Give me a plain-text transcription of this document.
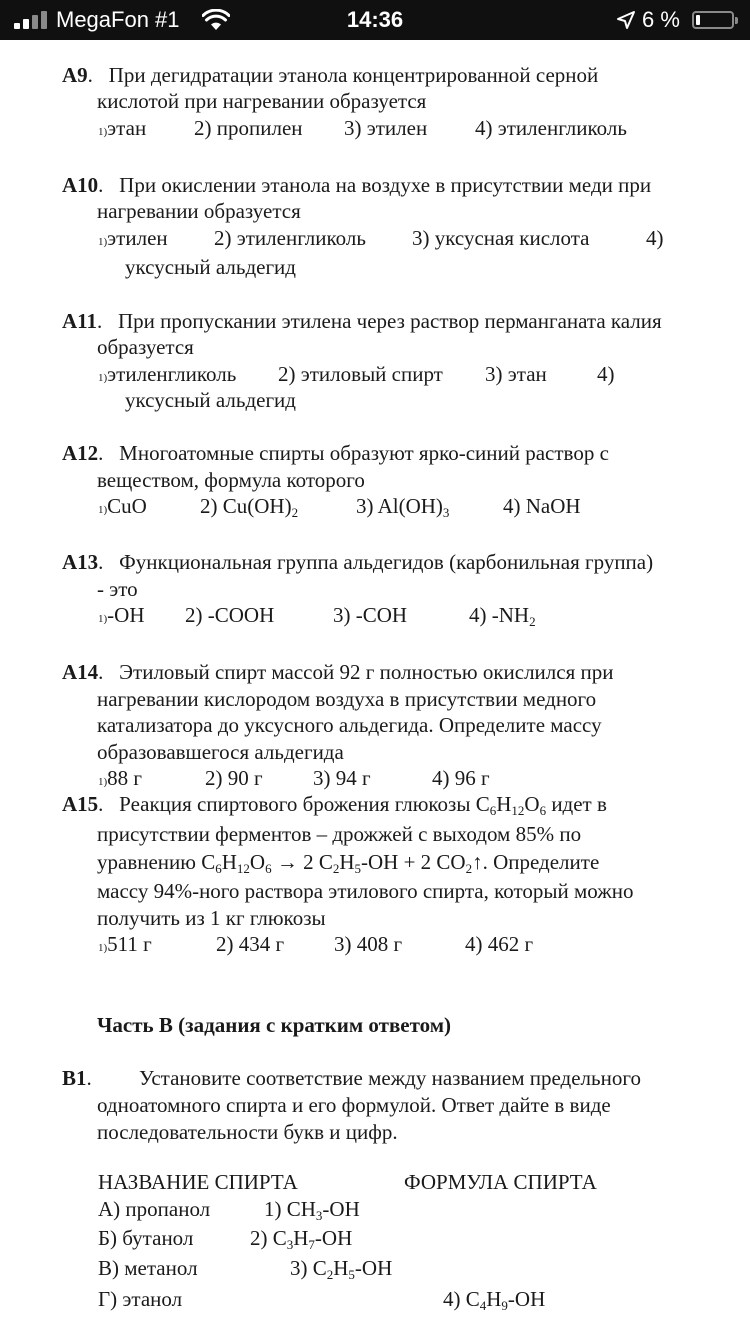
MegaFon #1	14:36	6 %
A9.   При дегидратации этанола концентрированной серной
кислотой при нагревании образуется
1)этан 2) пропилен 3) этилен 4) этиленгликоль
A10.   При окислении этанола на воздухе в присутствии меди при
нагревании образуется
1)этилен 2) этиленгликоль 3) уксусная кислота	4)
уксусный альдегид
A11.   При пропускании этилена через раствор перманганата калия
образуется
1)этиленгликоль 2) этиловый спирт 3) этан 4)
уксусный альдегид
A12.   Многоатомные спирты образуют ярко-синий раствор с
веществом, формула которого
1)CuO	2) $Cu(OH)_2$	3) $Al(OH)_3$	4) NaOH
A13.   Функциональная группа альдегидов (карбонильная группа)
- это
1)-OH 2) -COOH	3) -COH	4) $-NH_2$
A14.   Этиловый спирт массой 92 г полностью окислился при
нагревании кислородом воздуха в присутствии медного
катализатора до уксусного альдегида. Определите массу
образовавшегося альдегида
1)88 г	2) 90 г 3) 94 г	4) 96 г
A15.   Реакция спиртового брожения глюкозы $C_6H_{12}O_6$ идет в
присутствии ферментов – дрожжей с выходом 85% по
уравнению $C_6H_{12}O_6 \to 2$ $C_2H_5-OH + 2$ $CO_2↑$. Определите
массу 94%-ного раствора этилового спирта, который можно
получить из 1 кг глюкозы
1)511 г	2) 434 г 3) 408 г	4) 462 г
Часть В (задания с кратким ответом)
B1.         Установите соответствие между названием предельного
одноатомного спирта и его формулой. Ответ дайте в виде
последовательности букв и цифр.
НАЗВАНИЕ СПИРТА	ФОРМУЛА СПИРТА
А) пропанол	1) $CH_3-OH$
Б) бутанол	2) $C_3H_7-OH$
В) метанол	3) $C_2H_5-OH$
Г) этанол	4) $C_4H_9-OH$
